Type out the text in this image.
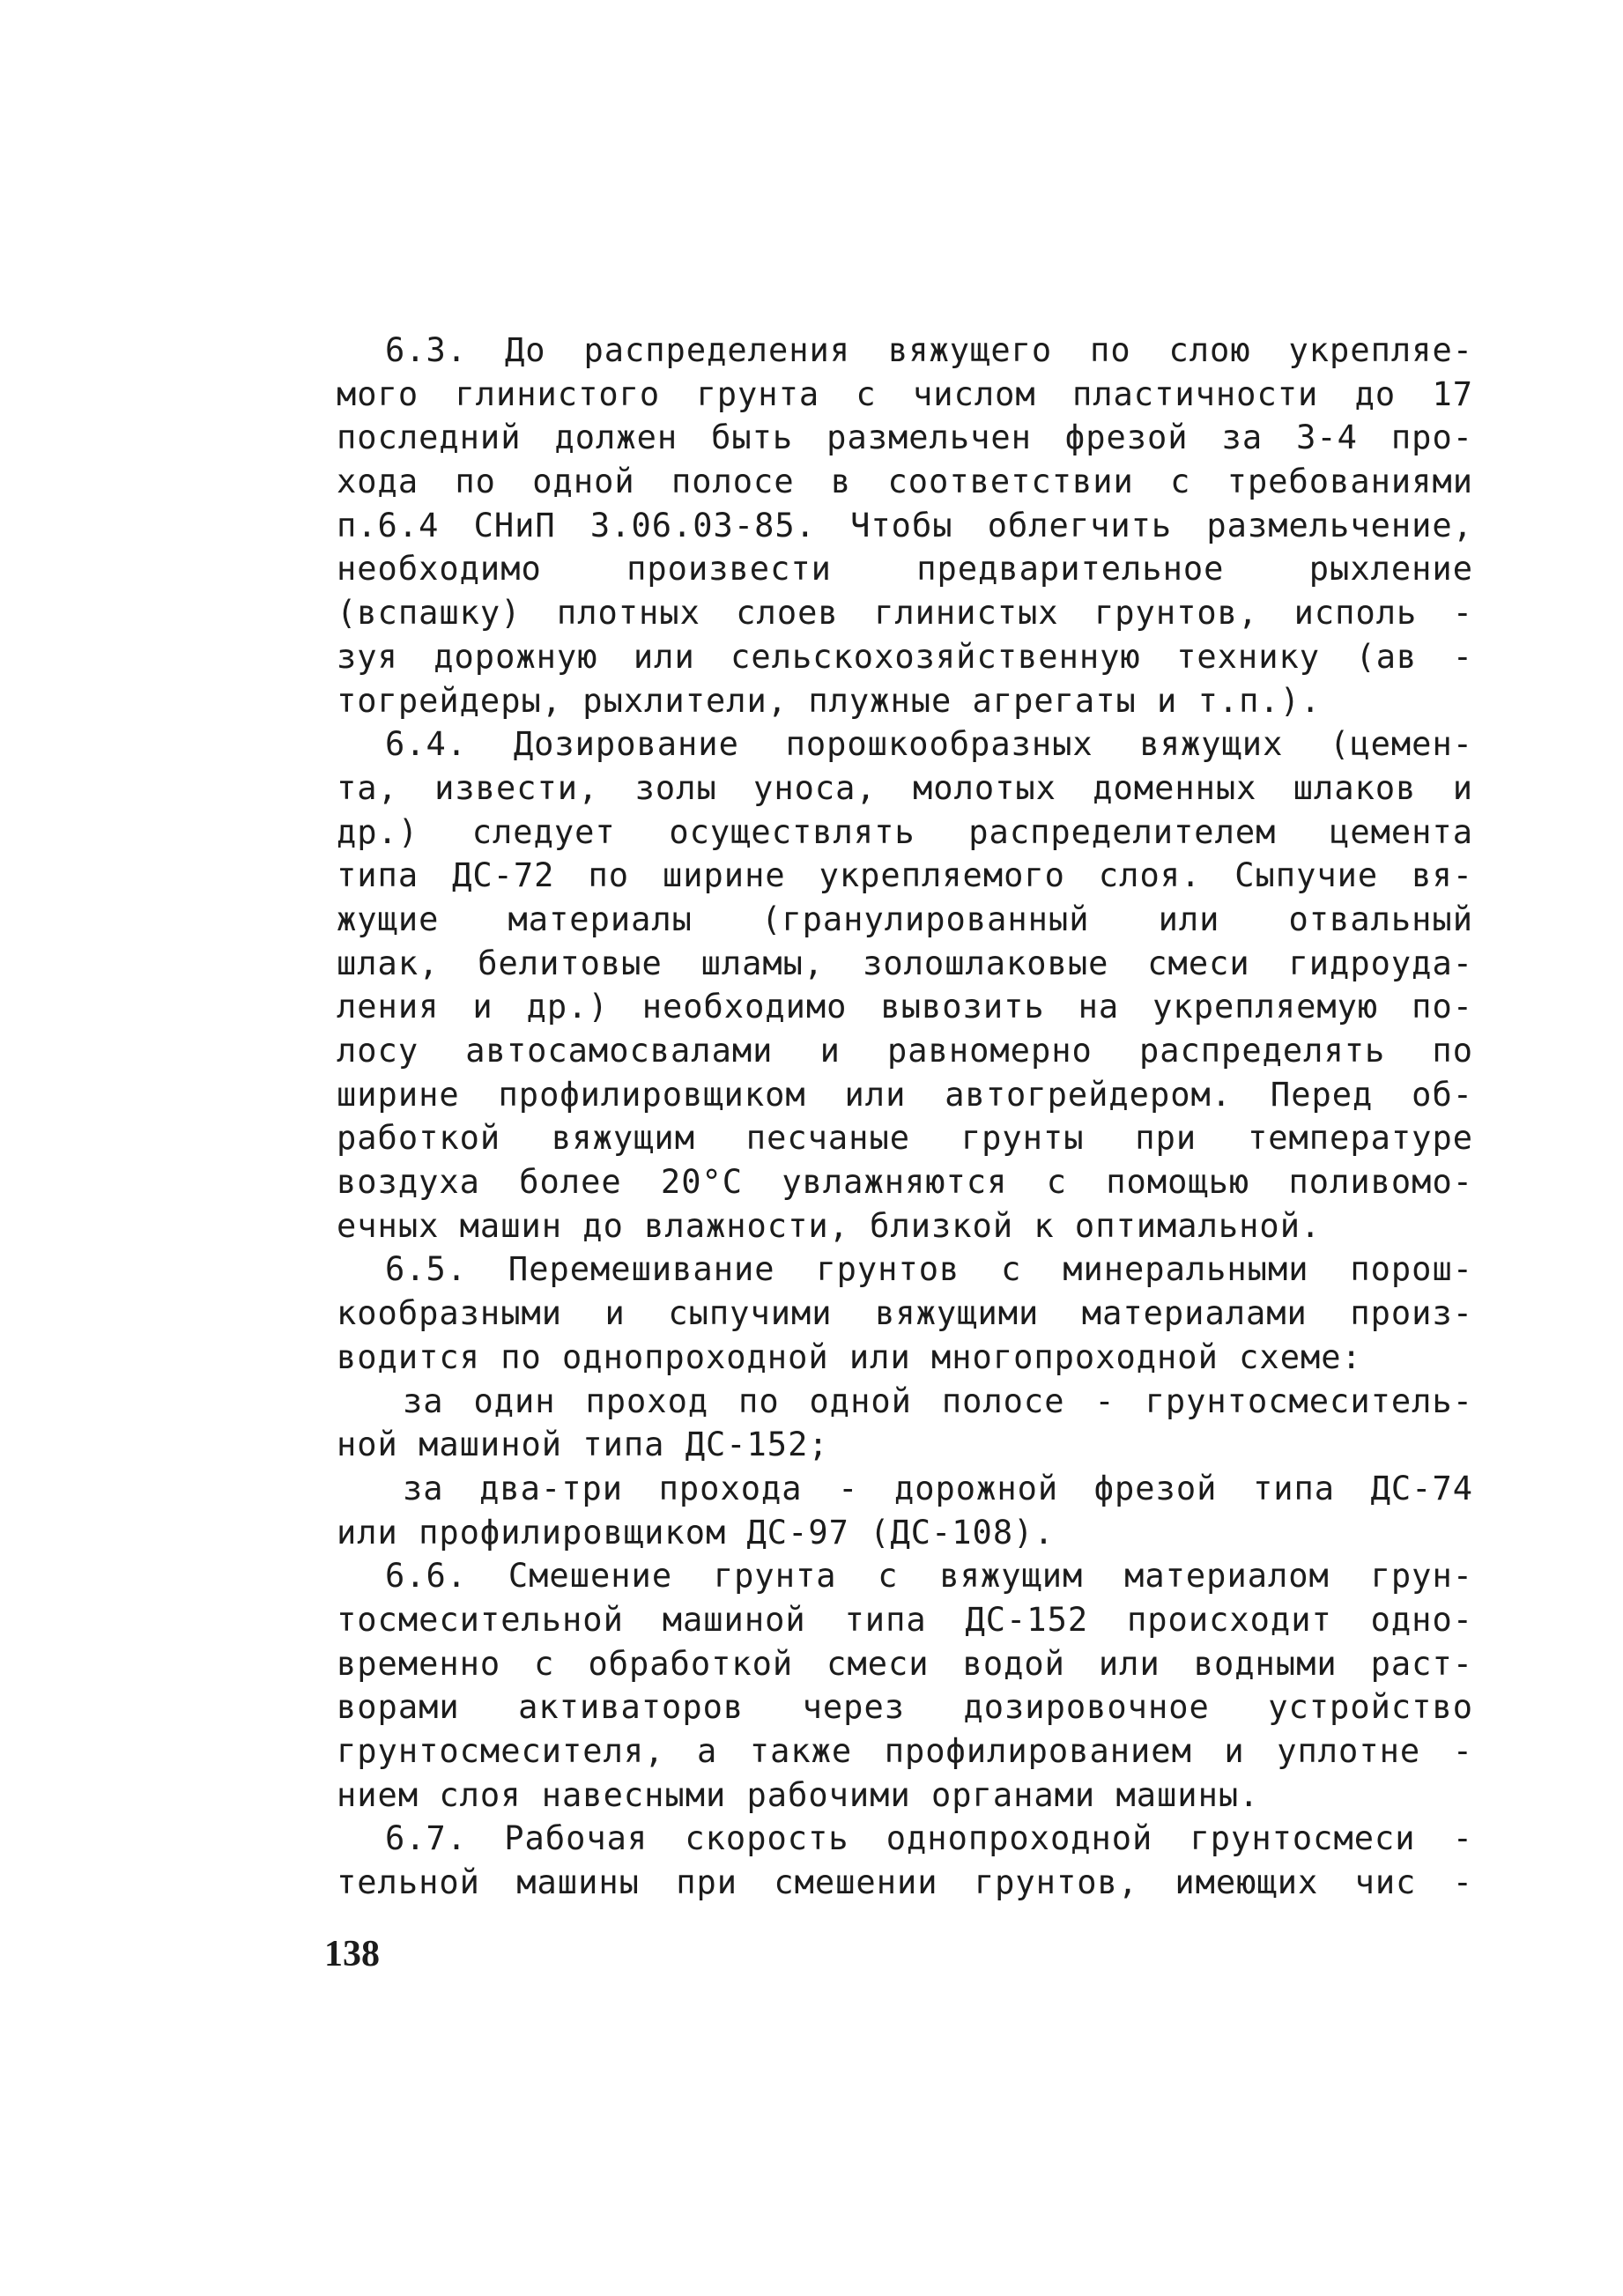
6.3. До распределения вяжущего по слою укрепляе-
мого глинистого грунта с числом пластичности до 17
последний должен быть размельчен фрезой за 3-4 про-
хода по одной полосе в соответствии с требованиями
п.6.4 СНиП 3.06.03-85. Чтобы облегчить размельчение,
необходимо произвести предварительное рыхление
(вспашку) плотных слоев глинистых грунтов, исполь -
зуя дорожную или сельскохозяйственную технику (ав -
тогрейдеры, рыхлители, плужные агрегаты и т.п.).
6.4. Дозирование порошкообразных вяжущих (цемен-
та, извести, золы уноса, молотых доменных шлаков и
др.) следует осуществлять распределителем цемента
типа ДС-72 по ширине укрепляемого слоя. Сыпучие вя-
жущие материалы (гранулированный или отвальный
шлак, белитовые шламы, золошлаковые смеси гидроуда-
ления и др.) необходимо вывозить на укрепляемую по-
лосу автосамосвалами и равномерно распределять по
ширине профилировщиком или автогрейдером. Перед об-
работкой вяжущим песчаные грунты при температуре
воздуха более 20°С увлажняются с помощью поливомо-
ечных машин до влажности, близкой к оптимальной.
6.5. Перемешивание грунтов с минеральными порош-
кообразными и сыпучими вяжущими материалами произ-
водится по однопроходной или многопроходной схеме:
за один проход по одной полосе - грунтосмеситель-
ной машиной типа ДС-152;
за два-три прохода - дорожной фрезой типа ДС-74
или профилировщиком ДС-97 (ДС-108).
6.6. Смешение грунта с вяжущим материалом грун-
тосмесительной машиной типа ДС-152 происходит одно-
временно с обработкой смеси водой или водными раст-
ворами активаторов через дозировочное устройство
грунтосмесителя, а также профилированием и уплотне -
нием слоя навесными рабочими органами машины.
6.7. Рабочая скорость однопроходной грунтосмеси -
тельной машины при смешении грунтов, имеющих чис -
138
